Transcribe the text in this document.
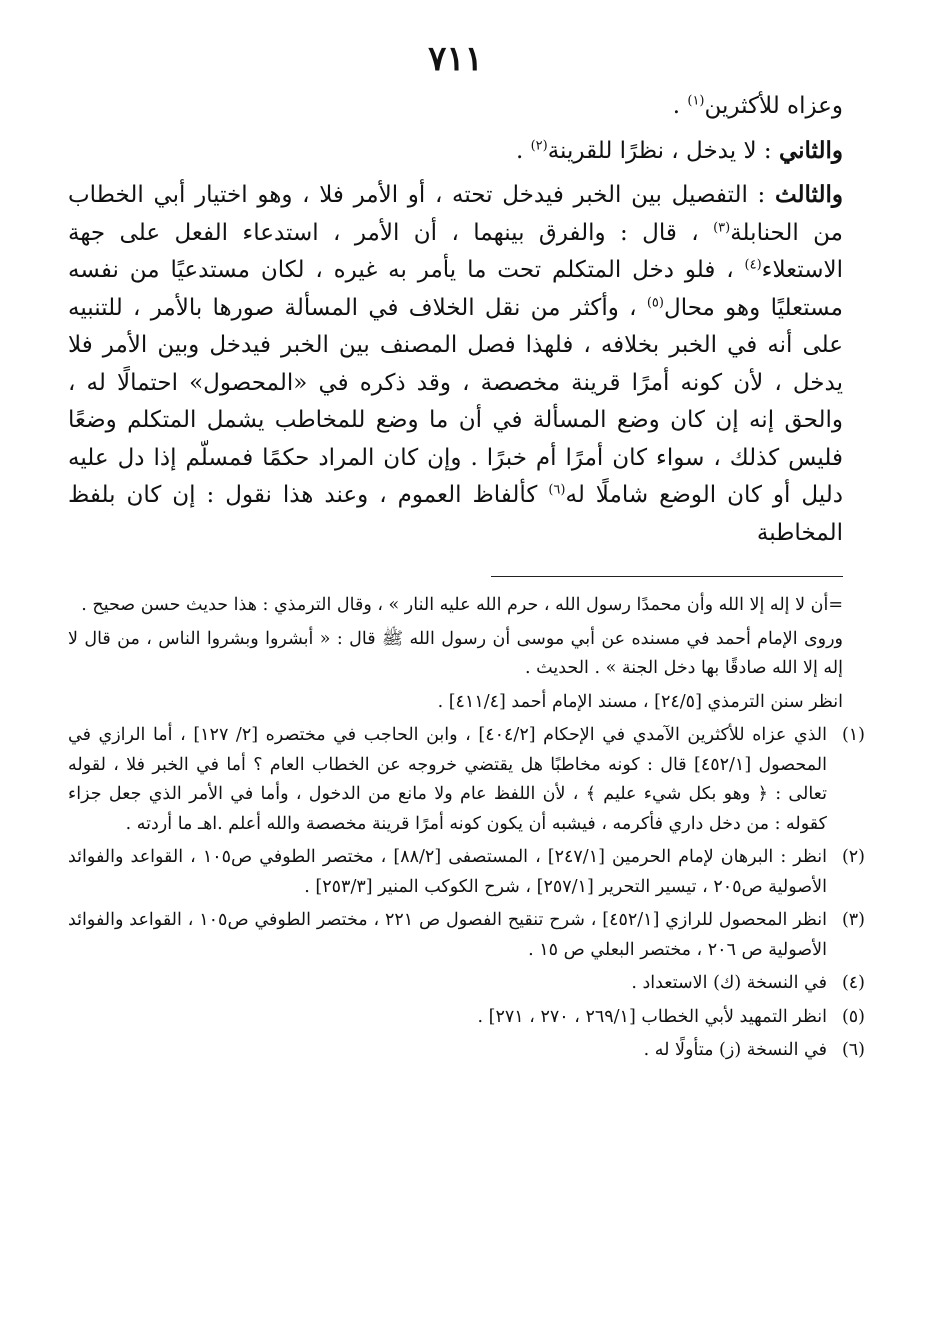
٧١١

وعزاه للأكثرين$^{(١)}$ .

والثاني : لا يدخل ، نظرًا للقرينة$^{(٢)}$ .

والثالث : التفصيل بين الخبر فيدخل تحته ، أو الأمر فلا ، وهو اختيار أبي الخطاب من الحنابلة$^{(٣)}$ ، قال : والفرق بينهما ، أن الأمر ، استدعاء الفعل على جهة الاستعلاء$^{(٤)}$ ، فلو دخل المتكلم تحت ما يأمر به غيره ، لكان مستدعيًا من نفسه مستعليًا وهو محال$^{(٥)}$ ، وأكثر من نقل الخلاف في المسألة صورها بالأمر ، للتنبيه على أنه في الخبر بخلافه ، فلهذا فصل المصنف بين الخبر فيدخل وبين الأمر فلا يدخل ، لأن كونه أمرًا قرينة مخصصة ، وقد ذكره في «المحصول» احتمالًا له ، والحق إنه إن كان وضع المسألة في أن ما وضع للمخاطب يشمل المتكلم وضعًا فليس كذلك ، سواء كان أمرًا أم خبرًا . وإن كان المراد حكمًا فمسلّم إذا دل عليه دليل أو كان الوضع شاملًا له$^{(٦)}$ كألفاظ العموم ، وعند هذا نقول : إن كان بلفظ المخاطبة

=أن لا إله إلا الله وأن محمدًا رسول الله ، حرم الله عليه النار » ، وقال الترمذي : هذا حديث حسن صحيح .

وروى الإمام أحمد في مسنده عن أبي موسى أن رسول الله ﷺ قال : « أبشروا وبشروا الناس ، من قال لا إله إلا الله صادقًا بها دخل الجنة » . الحديث .

انظر سنن الترمذي [٢٤/٥] ، مسند الإمام أحمد [٤١١/٤] .

(١)
الذي عزاه للأكثرين الآمدي في الإحكام [٤٠٤/٢] ، وابن الحاجب في مختصره [٢/ ١٢٧] ، أما الرازي في المحصول [٤٥٢/١] قال : كونه مخاطبًا هل يقتضي خروجه عن الخطاب العام ؟ أما في الخبر فلا ، لقوله تعالى : ﴿ وهو بكل شيء عليم ﴾ ، لأن اللفظ عام ولا مانع من الدخول ، وأما في الأمر الذي جعل جزاء كقوله : من دخل داري فأكرمه ، فيشبه أن يكون كونه أمرًا قرينة مخصصة والله أعلم .اهـ ما أردته .
(٢)
انظر : البرهان لإمام الحرمين [٢٤٧/١] ، المستصفى [٨٨/٢] ، مختصر الطوفي ص١٠٥ ، القواعد والفوائد الأصولية ص٢٠٥ ، تيسير التحرير [٢٥٧/١] ، شرح الكوكب المنير [٢٥٣/٣] .
(٣)
انظر المحصول للرازي [٤٥٢/١] ، شرح تنقيح الفصول ص ٢٢١ ، مختصر الطوفي ص١٠٥ ، القواعد والفوائد الأصولية ص ٢٠٦ ، مختصر البعلي ص ١٥ .
(٤)
في النسخة (ك) الاستعداد .
(٥)
انظر التمهيد لأبي الخطاب [٢٦٩/١ ، ٢٧٠ ، ٢٧١] .
(٦)
في النسخة (ز) متأولًا له .
